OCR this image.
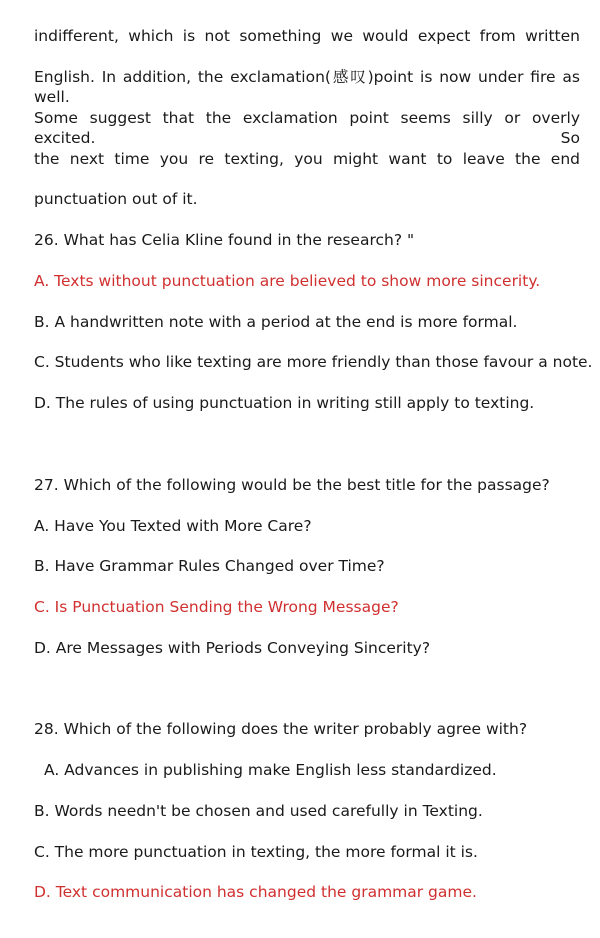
indifferent, which is not something we would expect from written
English. In addition, the exclamation(感叹)point is now under fire as well.
Some suggest that the exclamation point seems silly or overly excited. So
the next time you re texting, you might want to leave the end
punctuation out of it.
26. What has Celia Kline found in the research? "
A. Texts without punctuation are believed to show more sincerity.
B. A handwritten note with a period at the end is more formal.
C. Students who like texting are more friendly than those favour a note.
D. The rules of using punctuation in writing still apply to texting.
27. Which of the following would be the best title for the passage?
A. Have You Texted with More Care?
B. Have Grammar Rules Changed over Time?
C. Is Punctuation Sending the Wrong Message?
D. Are Messages with Periods Conveying Sincerity?
28. Which of the following does the writer probably agree with?
A. Advances in publishing make English less standardized.
B. Words needn't be chosen and used carefully in Texting.
C. The more punctuation in texting, the more formal it is.
D. Text communication has changed the grammar game.
